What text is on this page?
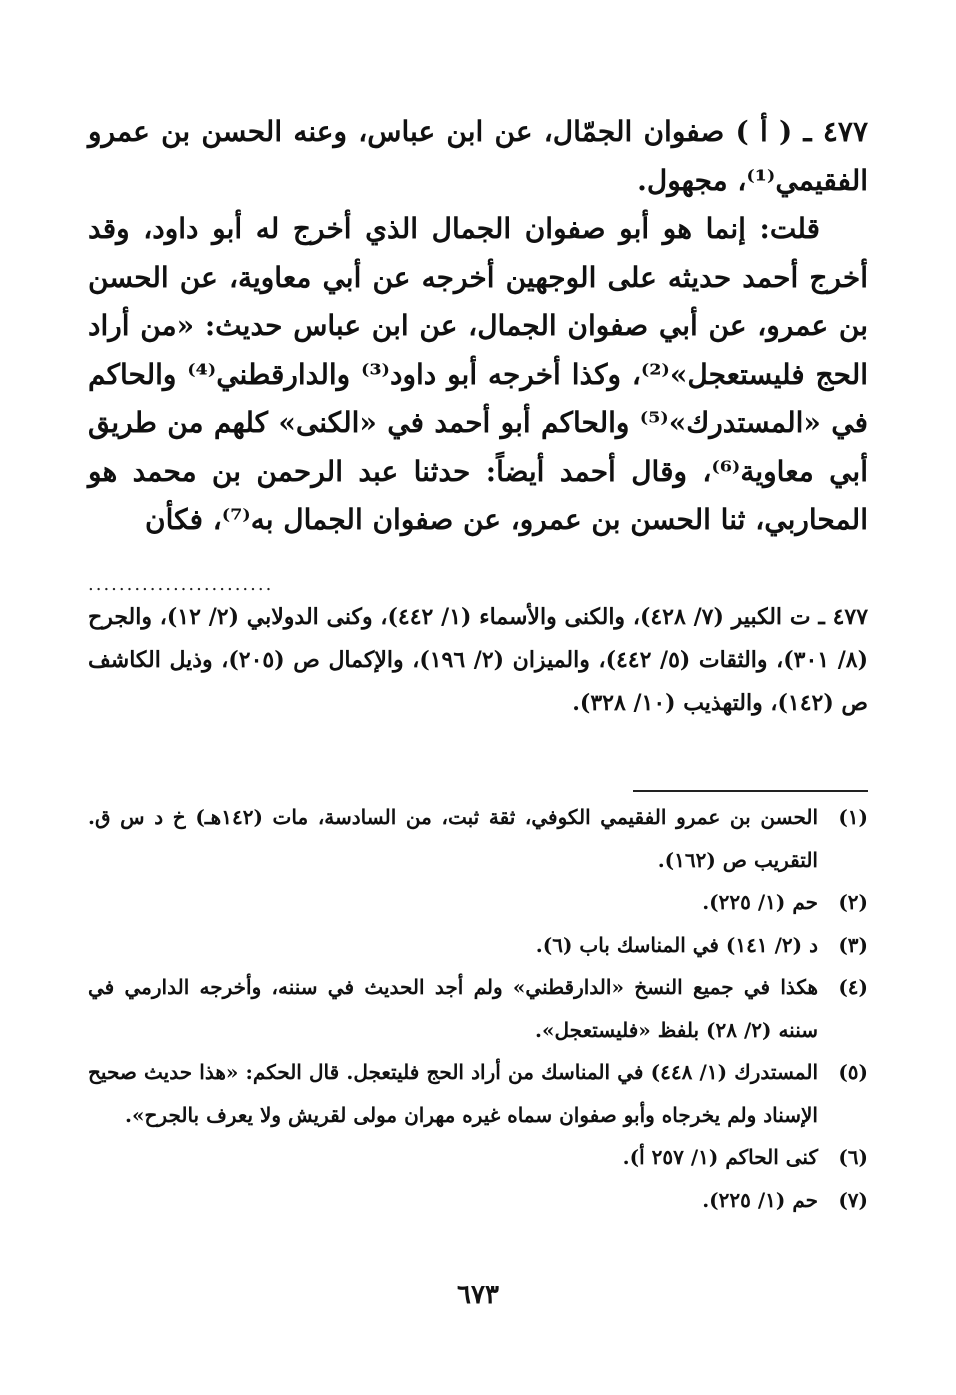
٤٧٧ ـ ( أ ) صفوان الجمّال، عن ابن عباس، وعنه الحسن بن عمرو الفقيمي⁽¹⁾، مجهول.

قلت: إنما هو أبو صفوان الجمال الذي أخرج له أبو داود، وقد أخرج أحمد حديثه على الوجهين أخرجه عن أبي معاوية، عن الحسن بن عمرو، عن أبي صفوان الجمال، عن ابن عباس حديث: «من أراد الحج فليستعجل»⁽²⁾، وكذا أخرجه أبو داود⁽³⁾ والدارقطني⁽⁴⁾ والحاكم في «المستدرك»⁽⁵⁾ والحاكم أبو أحمد في «الكنى» كلهم من طريق أبي معاوية⁽⁶⁾، وقال أحمد أيضاً: حدثنا عبد الرحمن بن محمد هو المحاربي، ثنا الحسن بن عمرو، عن صفوان الجمال به⁽⁷⁾، فكأن

........................

٤٧٧ ـ ت الكبير (٧/ ٤٢٨)، والكنى والأسماء (١/ ٤٤٢)، وكنى الدولابي (٢/ ١٢)، والجرح (٨/ ٣٠١)، والثقات (٥/ ٤٤٢)، والميزان (٢/ ١٩٦)، والإكمال ص (٢٠٥)، وذيل الكاشف ص (١٤٢)، والتهذيب (١٠/ ٣٢٨).

(١)
الحسن بن عمرو الفقيمي الكوفي، ثقة ثبت، من السادسة، مات (١٤٢هـ) خ د س ق. التقريب ص (١٦٢).
(٢)
حم (١/ ٢٢٥).
(٣)
د (٢/ ١٤١) في المناسك باب (٦).
(٤)
هكذا في جميع النسخ «الدارقطني» ولم أجد الحديث في سننه، وأخرجه الدارمي في سننه (٢/ ٢٨) بلفظ «فليستعجل».
(٥)
المستدرك (١/ ٤٤٨) في المناسك من أراد الحج فليتعجل. قال الحكم: «هذا حديث صحيح الإسناد ولم يخرجاه وأبو صفوان سماه غيره مهران مولى لقريش ولا يعرف بالجرح».
(٦)
كنى الحاكم (١/ ٢٥٧ أ).
(٧)
حم (١/ ٢٢٥).
٦٧٣
